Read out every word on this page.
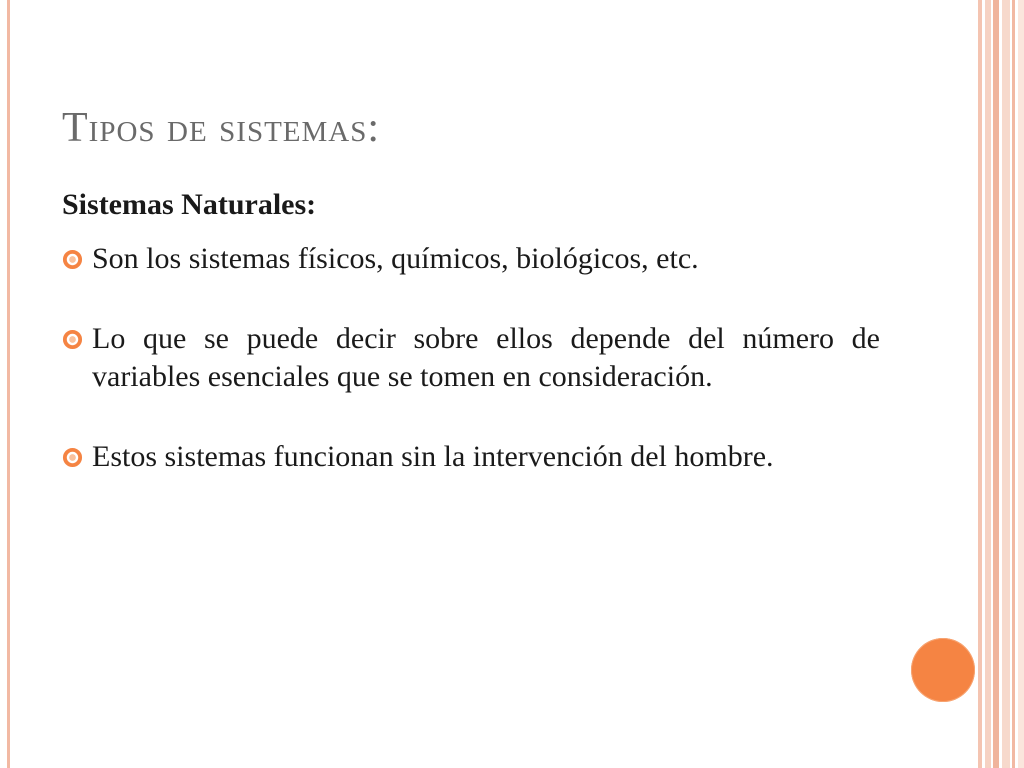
Tipos de sistemas:
Sistemas Naturales:
Son los sistemas físicos, químicos, biológicos, etc.
Lo que se puede decir sobre ellos depende del número de variables esenciales que se tomen en consideración.
Estos sistemas funcionan sin la intervención del hombre.
